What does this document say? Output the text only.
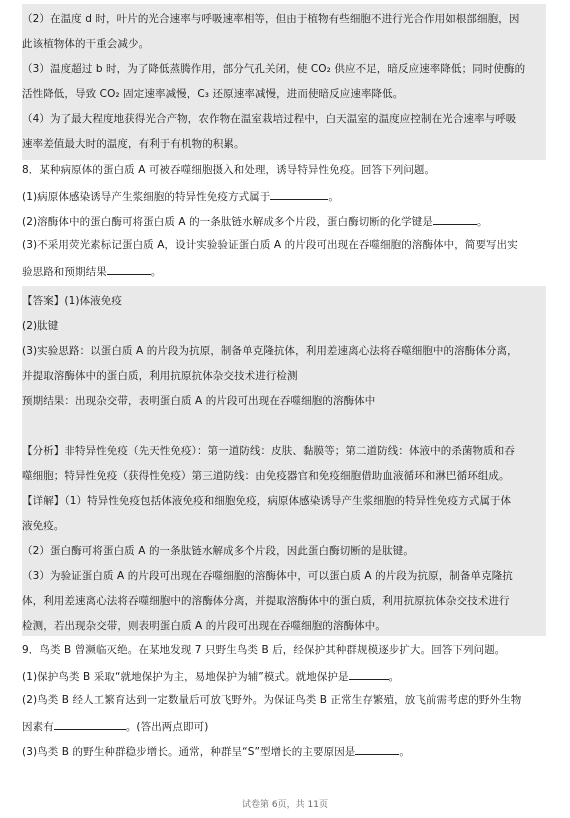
（2）在温度 d 时，叶片的光合速率与呼吸速率相等，但由于植物有些细胞不进行光合作用如根部细胞，因
此该植物体的干重会减少。
（3）温度超过 b 时，为了降低蒸腾作用，部分气孔关闭，使 CO₂ 供应不足，暗反应速率降低；同时使酶的
活性降低，导致 CO₂ 固定速率减慢，C₃ 还原速率减慢，进而使暗反应速率降低。
（4）为了最大程度地获得光合产物，农作物在温室栽培过程中，白天温室的温度应控制在光合速率与呼吸
速率差值最大时的温度，有利于有机物的积累。
8．某种病原体的蛋白质 A 可被吞噬细胞摄入和处理，诱导特异性免疫。回答下列问题。
(1)病原体感染诱导产生浆细胞的特异性免疫方式属于	。
(2)溶酶体中的蛋白酶可将蛋白质 A 的一条肽链水解成多个片段，蛋白酶切断的化学键是	。
(3)不采用荧光素标记蛋白质 A，设计实验验证蛋白质 A 的片段可出现在吞噬细胞的溶酶体中，简要写出实
验思路和预期结果	。
【答案】(1)体液免疫
(2)肽键
(3)实验思路：以蛋白质 A 的片段为抗原，制备单克隆抗体，利用差速离心法将吞噬细胞中的溶酶体分离，
并提取溶酶体中的蛋白质，利用抗原抗体杂交技术进行检测
预期结果：出现杂交带，表明蛋白质 A 的片段可出现在吞噬细胞的溶酶体中
【分析】非特异性免疫（先天性免疫）：第一道防线：皮肤、黏膜等；第二道防线：体液中的杀菌物质和吞
噬细胞；特异性免疫（获得性免疫）第三道防线：由免疫器官和免疫细胞借助血液循环和淋巴循环组成。
【详解】（1）特异性免疫包括体液免疫和细胞免疫，病原体感染诱导产生浆细胞的特异性免疫方式属于体
液免疫。
（2）蛋白酶可将蛋白质 A 的一条肽链水解成多个片段，因此蛋白酶切断的是肽键。
（3）为验证蛋白质 A 的片段可出现在吞噬细胞的溶酶体中，可以蛋白质 A 的片段为抗原，制备单克隆抗
体，利用差速离心法将吞噬细胞中的溶酶体分离，并提取溶酶体中的蛋白质，利用抗原抗体杂交技术进行
检测，若出现杂交带，则表明蛋白质 A 的片段可出现在吞噬细胞的溶酶体中。
9．鸟类 B 曾濒临灭绝。在某地发现 7 只野生鸟类 B 后，经保护其种群规模逐步扩大。回答下列问题。
(1)保护鸟类 B 采取“就地保护为主，易地保护为辅”模式。就地保护是	。
(2)鸟类 B 经人工繁育达到一定数量后可放飞野外。为保证鸟类 B 正常生存繁殖，放飞前需考虑的野外生物
因素有	。(答出两点即可)
(3)鸟类 B 的野生种群稳步增长。通常，种群呈“S”型增长的主要原因是	。
试卷第 6页，共 11页
